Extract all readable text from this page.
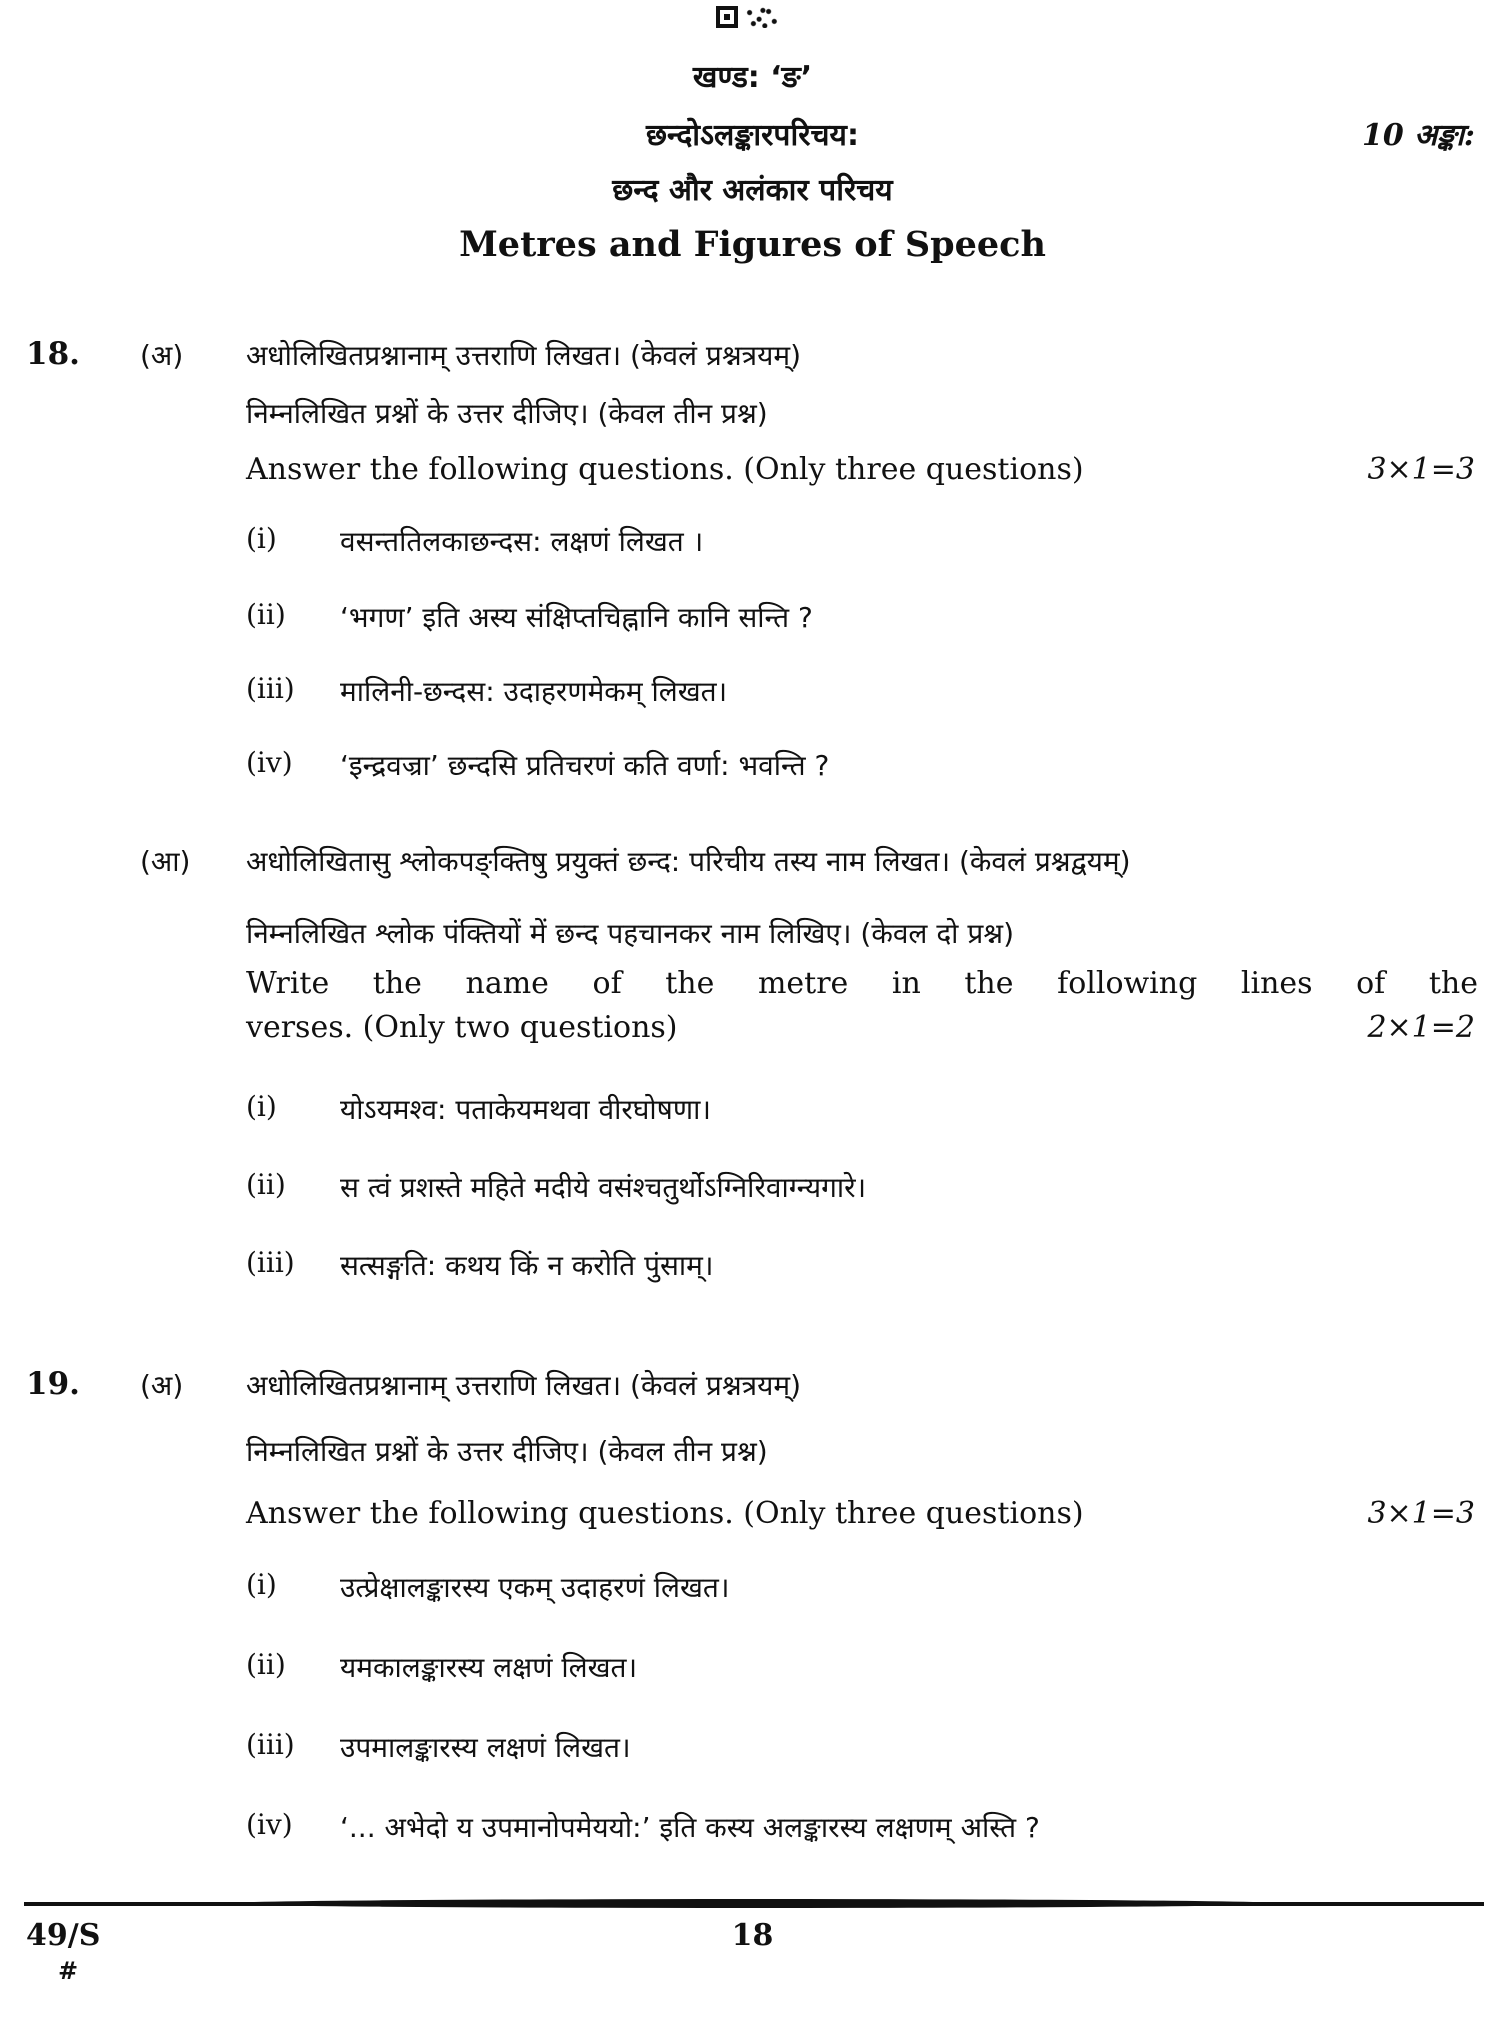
खण्ड: ‘ङ’
छन्दोऽलङ्कारपरिचय:	10 अङ्का:
छन्द और अलंकार परिचय
Metres and Figures of Speech
18. (अ) अधोलिखितप्रश्नानाम् उत्तराणि लिखत। (केवलं प्रश्नत्रयम्)
निम्नलिखित प्रश्नों के उत्तर दीजिए। (केवल तीन प्रश्न)
Answer the following questions. (Only three questions)	3×1=3
(i) वसन्ततिलकाछन्दस: लक्षणं लिखत ।
(ii) ‘भगण’ इति अस्य संक्षिप्तचिह्नानि कानि सन्ति ?
(iii) मालिनी-छन्दस: उदाहरणमेकम् लिखत।
(iv) ‘इन्द्रवज्रा’ छन्दसि प्रतिचरणं कति वर्णा: भवन्ति ?
(आ) अधोलिखितासु श्लोकपङ्क्तिषु प्रयुक्तं छन्द: परिचीय तस्य नाम लिखत। (केवलं प्रश्नद्वयम्)
निम्नलिखित श्लोक पंक्तियों में छन्द पहचानकर नाम लिखिए। (केवल दो प्रश्न)
Write the name of the metre in the following lines of the
verses. (Only two questions)	2×1=2
(i) योऽयमश्व: पताकेयमथवा वीरघोषणा।
(ii) स त्वं प्रशस्ते महिते मदीये वसंश्चतुर्थोऽग्निरिवाग्न्यगारे।
(iii) सत्सङ्गति: कथय किं न करोति पुंसाम्।
19. (अ) अधोलिखितप्रश्नानाम् उत्तराणि लिखत। (केवलं प्रश्नत्रयम्)
निम्नलिखित प्रश्नों के उत्तर दीजिए। (केवल तीन प्रश्न)
Answer the following questions. (Only three questions)	3×1=3
(i) उत्प्रेक्षालङ्कारस्य एकम् उदाहरणं लिखत।
(ii) यमकालङ्कारस्य लक्षणं लिखत।
(iii) उपमालङ्कारस्य लक्षणं लिखत।
(iv) ‘... अभेदो य उपमानोपमेययो:’ इति कस्य अलङ्कारस्य लक्षणम् अस्ति ?
49/S
#
18
